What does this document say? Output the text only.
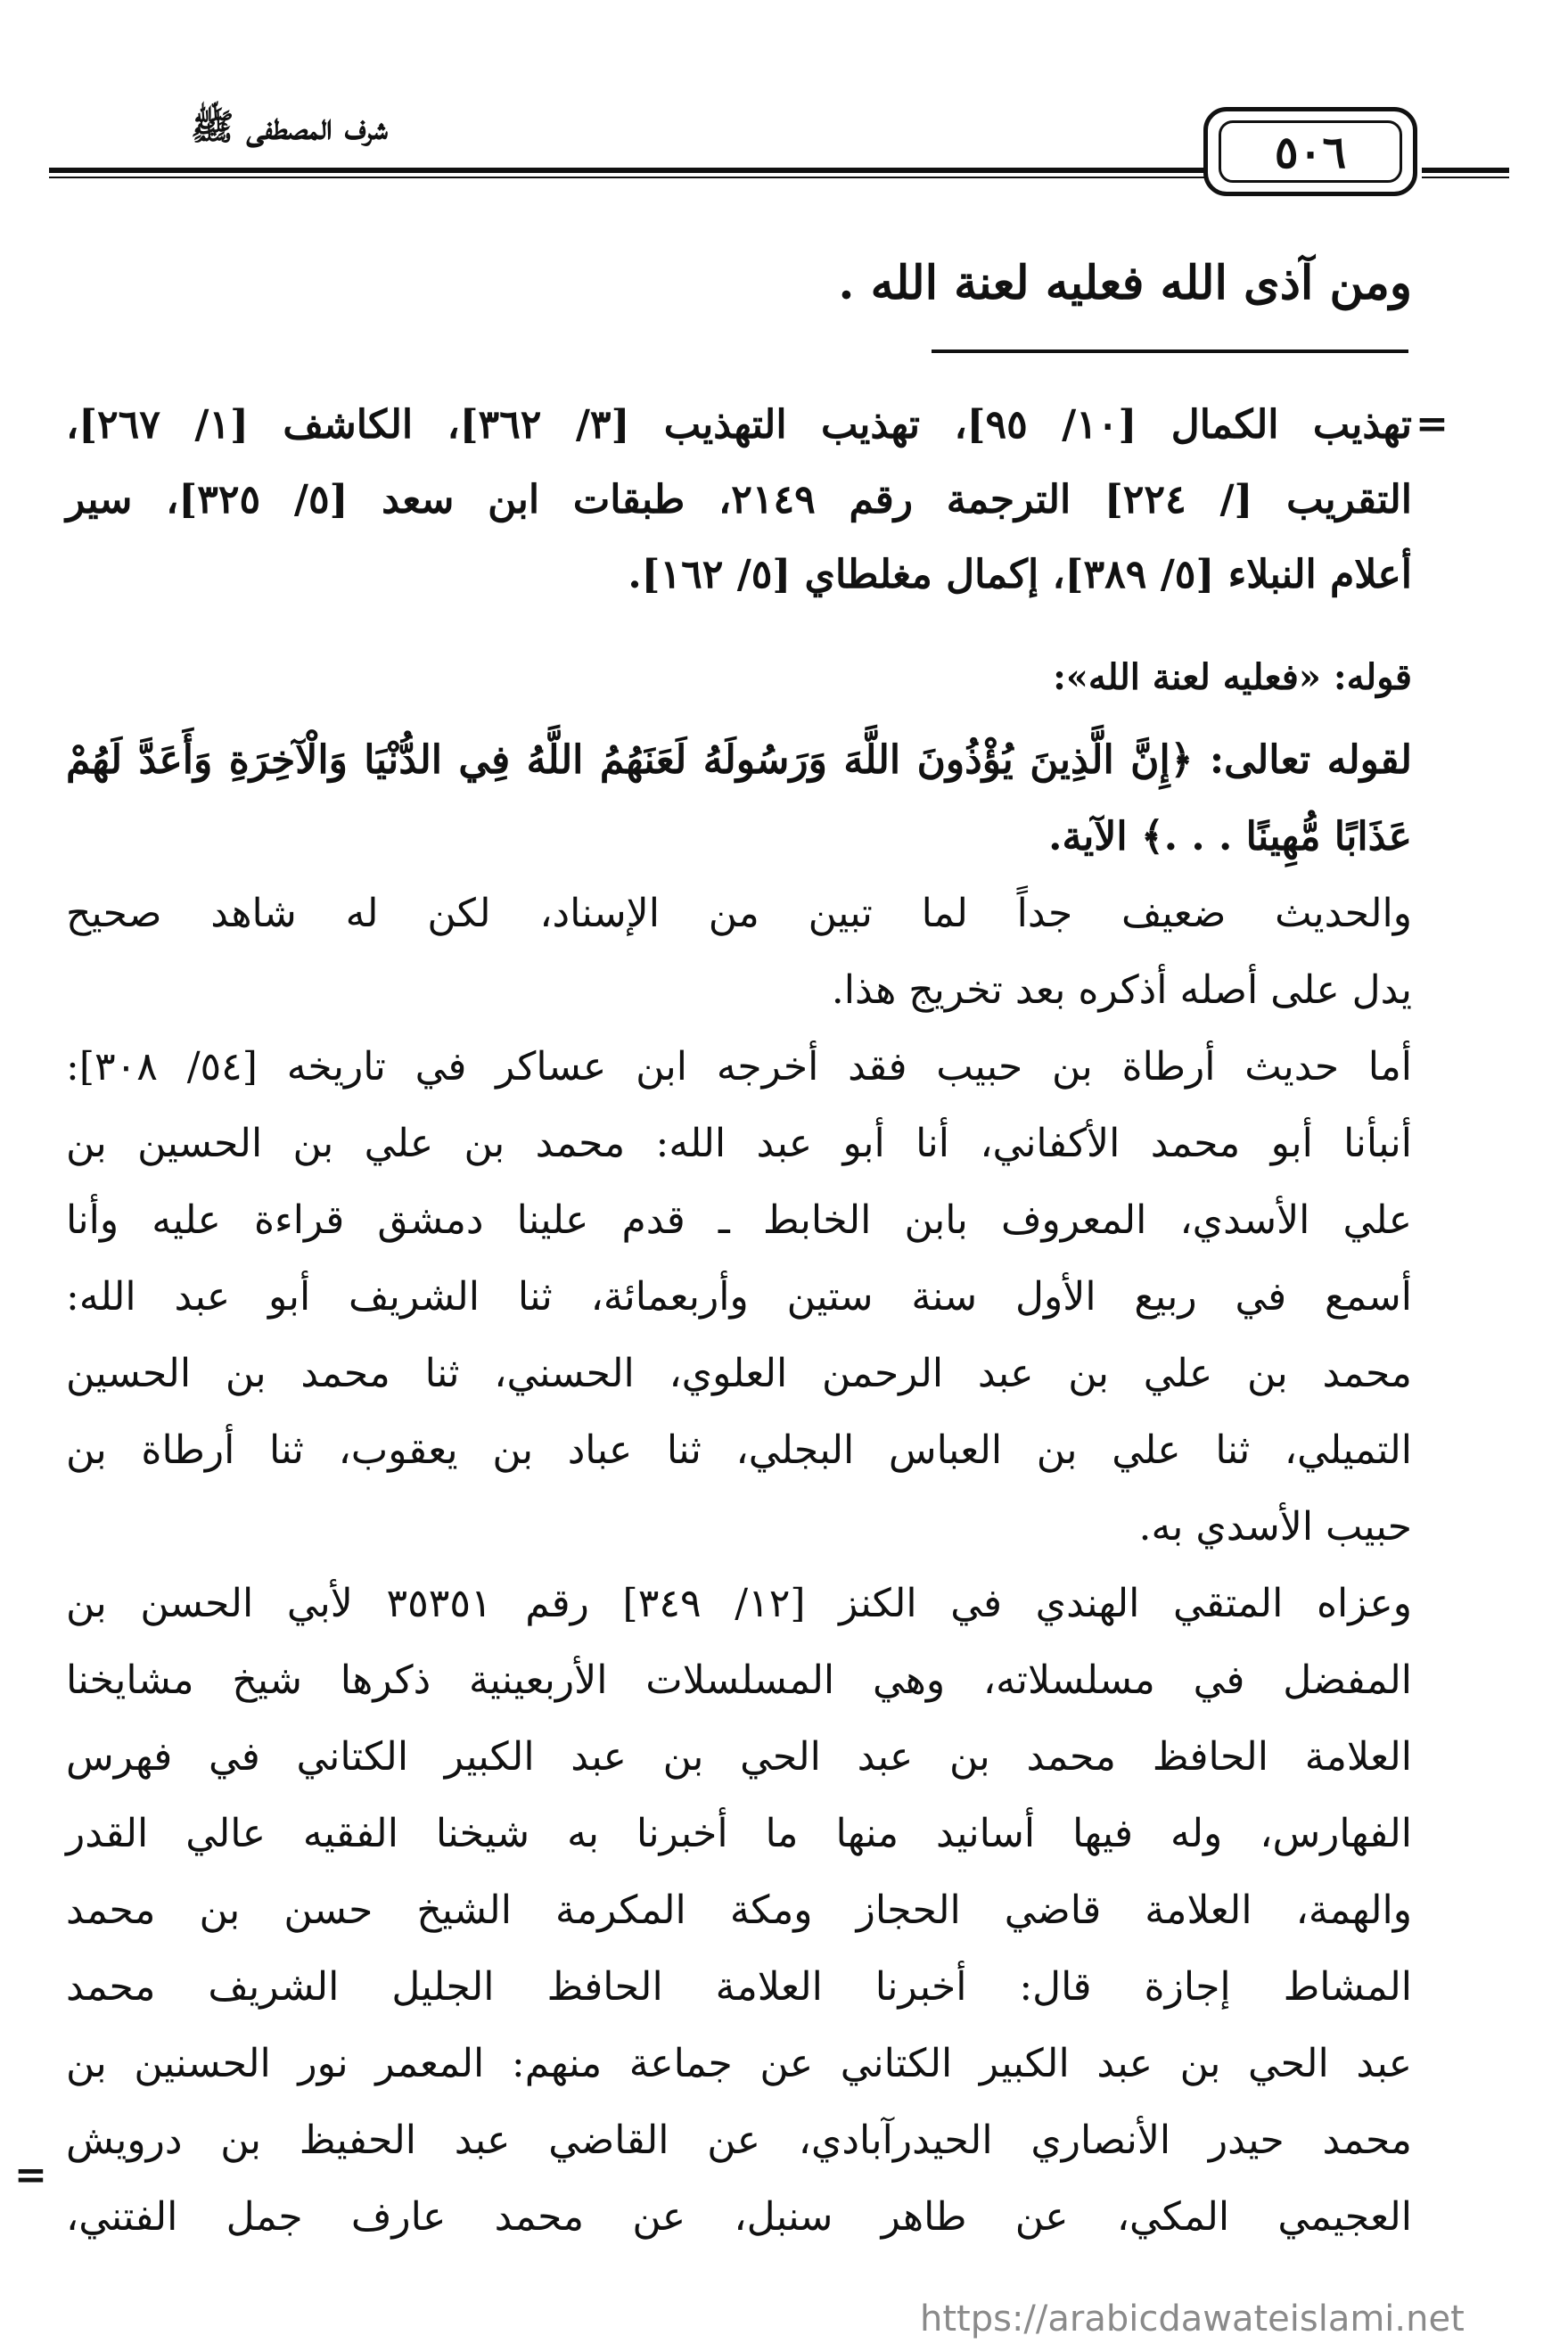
شرف المصطفى ﷺ	٥٠٦
ومن آذى الله فعليه لعنة الله .
=
تهذيب الكمال [١٠/ ٩٥]، تهذيب التهذيب [٣/ ٣٦٢]، الكاشف [١/ ٢٦٧]،
التقريب [/ ٢٢٤] الترجمة رقم ٢١٤٩، طبقات ابن سعد [٥/ ٣٢٥]، سير
أعلام النبلاء [٥/ ٣٨٩]، إكمال مغلطاي [٥/ ١٦٢].
قوله: «فعليه لعنة الله»:
لقوله تعالى: ﴿إِنَّ الَّذِينَ يُؤْذُونَ اللَّهَ وَرَسُولَهُ لَعَنَهُمُ اللَّهُ فِي الدُّنْيَا وَالْآخِرَةِ وَأَعَدَّ لَهُمْ
عَذَابًا مُّهِينًا . . .﴾ الآية.
والحديث ضعيف جداً لما تبين من الإسناد، لكن له شاهد صحيح
يدل على أصله أذكره بعد تخريج هذا.
أما حديث أرطاة بن حبيب فقد أخرجه ابن عساكر في تاريخه [٥٤/ ٣٠٨]:
أنبأنا أبو محمد الأكفاني، أنا أبو عبد الله: محمد بن علي بن الحسين بن
علي الأسدي، المعروف بابن الخابط ـ قدم علينا دمشق قراءة عليه وأنا
أسمع في ربيع الأول سنة ستين وأربعمائة، ثنا الشريف أبو عبد الله:
محمد بن علي بن عبد الرحمن العلوي، الحسني، ثنا محمد بن الحسين
التميلي، ثنا علي بن العباس البجلي، ثنا عباد بن يعقوب، ثنا أرطاة بن
حبيب الأسدي به.
وعزاه المتقي الهندي في الكنز [١٢/ ٣٤٩] رقم ٣٥٣٥١ لأبي الحسن بن
المفضل في مسلسلاته، وهي المسلسلات الأربعينية ذكرها شيخ مشايخنا
العلامة الحافظ محمد بن عبد الحي بن عبد الكبير الكتاني في فهرس
الفهارس، وله فيها أسانيد منها ما أخبرنا به شيخنا الفقيه عالي القدر
والهمة، العلامة قاضي الحجاز ومكة المكرمة الشيخ حسن بن محمد
المشاط إجازة قال: أخبرنا العلامة الحافظ الجليل الشريف محمد
عبد الحي بن عبد الكبير الكتاني عن جماعة منهم: المعمر نور الحسنين بن
محمد حيدر الأنصاري الحيدرآبادي، عن القاضي عبد الحفيظ بن درويش
العجيمي المكي، عن طاهر سنبل، عن محمد عارف جمل الفتني،
=
https://arabicdawateislami.net
